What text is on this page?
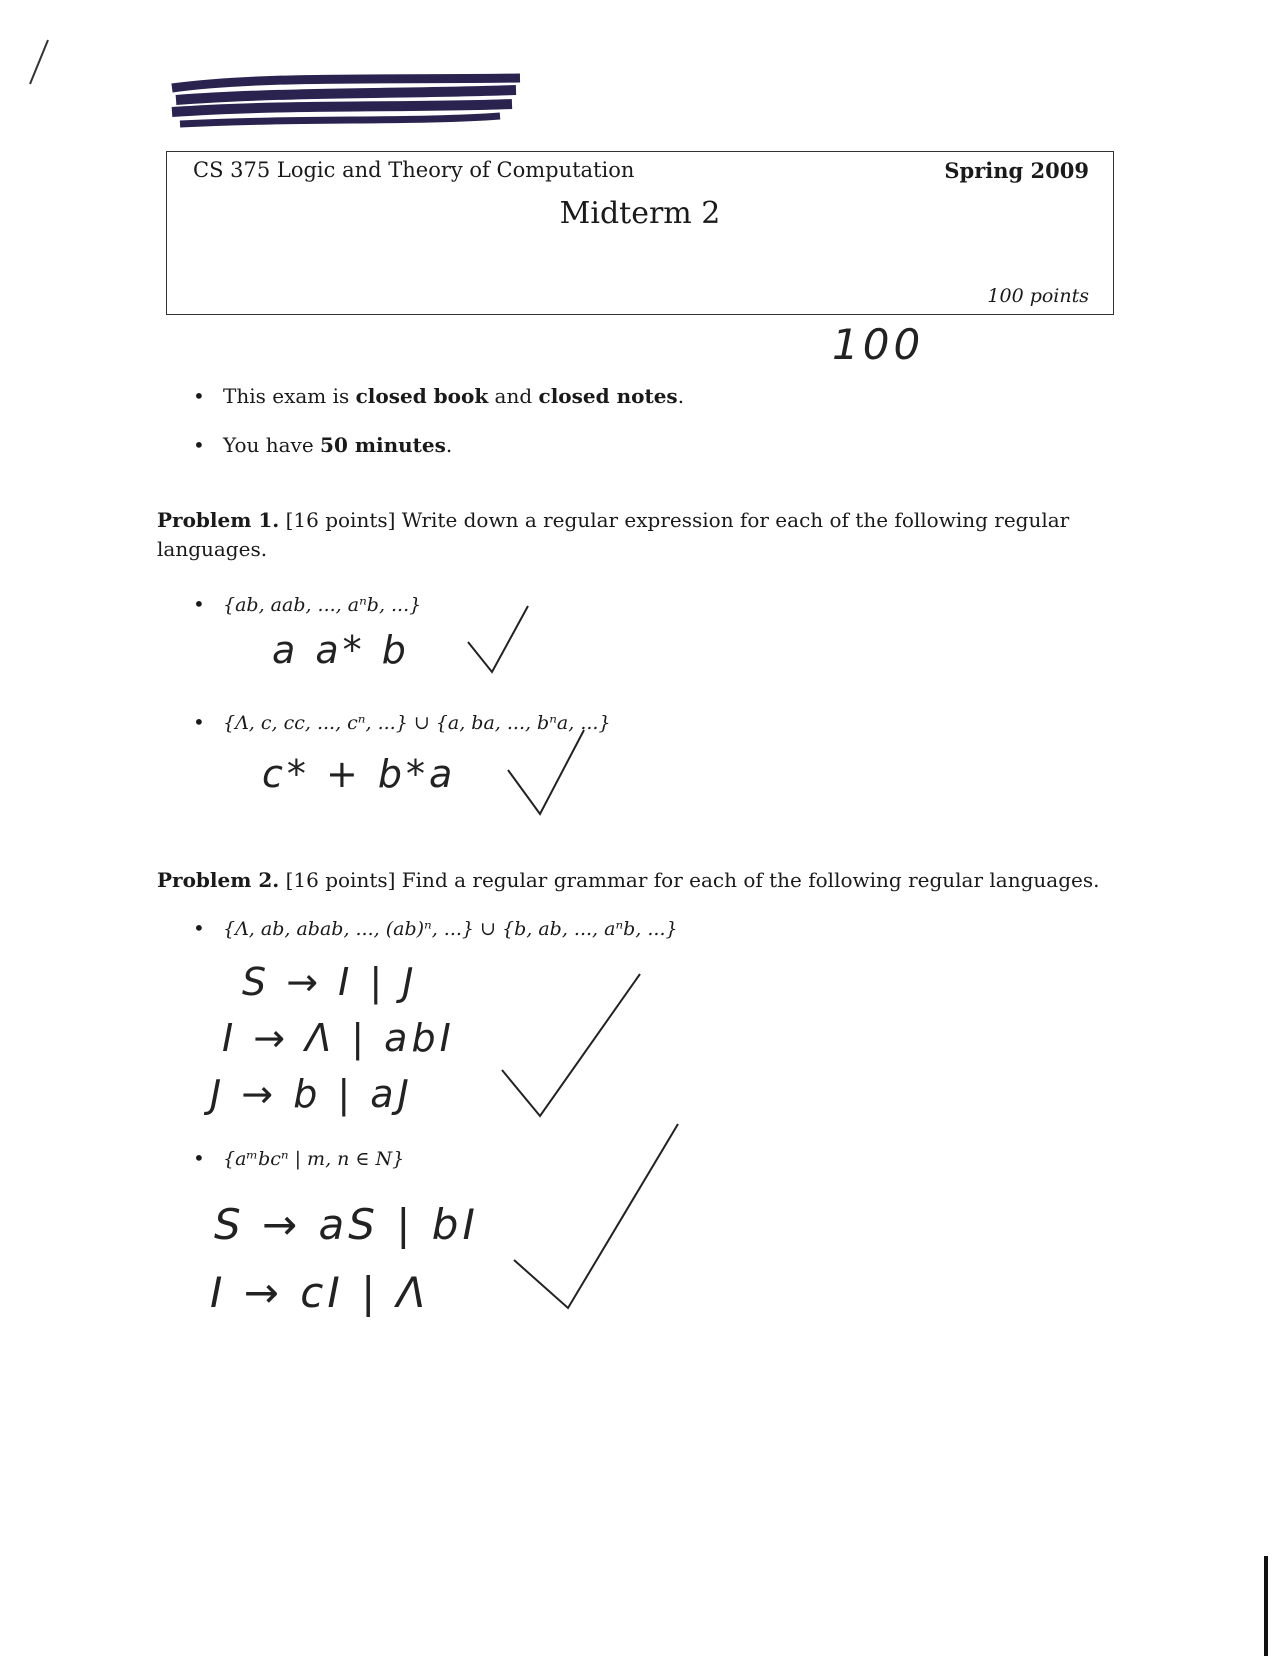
CS 375 Logic and Theory of Computation	Spring 2009
Midterm 2
100 points
100
• This exam is closed book and closed notes.
• You have 50 minutes.
Problem 1. [16 points] Write down a regular expression for each of the following regular languages.
• {ab, aab, ..., aⁿb, ...}
a a* b
• {Λ, c, cc, ..., cⁿ, ...} ∪ {a, ba, ..., bⁿa, ...}
c* + b*a
Problem 2. [16 points] Find a regular grammar for each of the following regular languages.
• {Λ, ab, abab, ..., (ab)ⁿ, ...} ∪ {b, ab, ..., aⁿb, ...}
S → I | J
I → Λ | abI
J → b | aJ
• {aᵐbcⁿ | m, n ∈ N}
S → aS | bI
I → cI | Λ
